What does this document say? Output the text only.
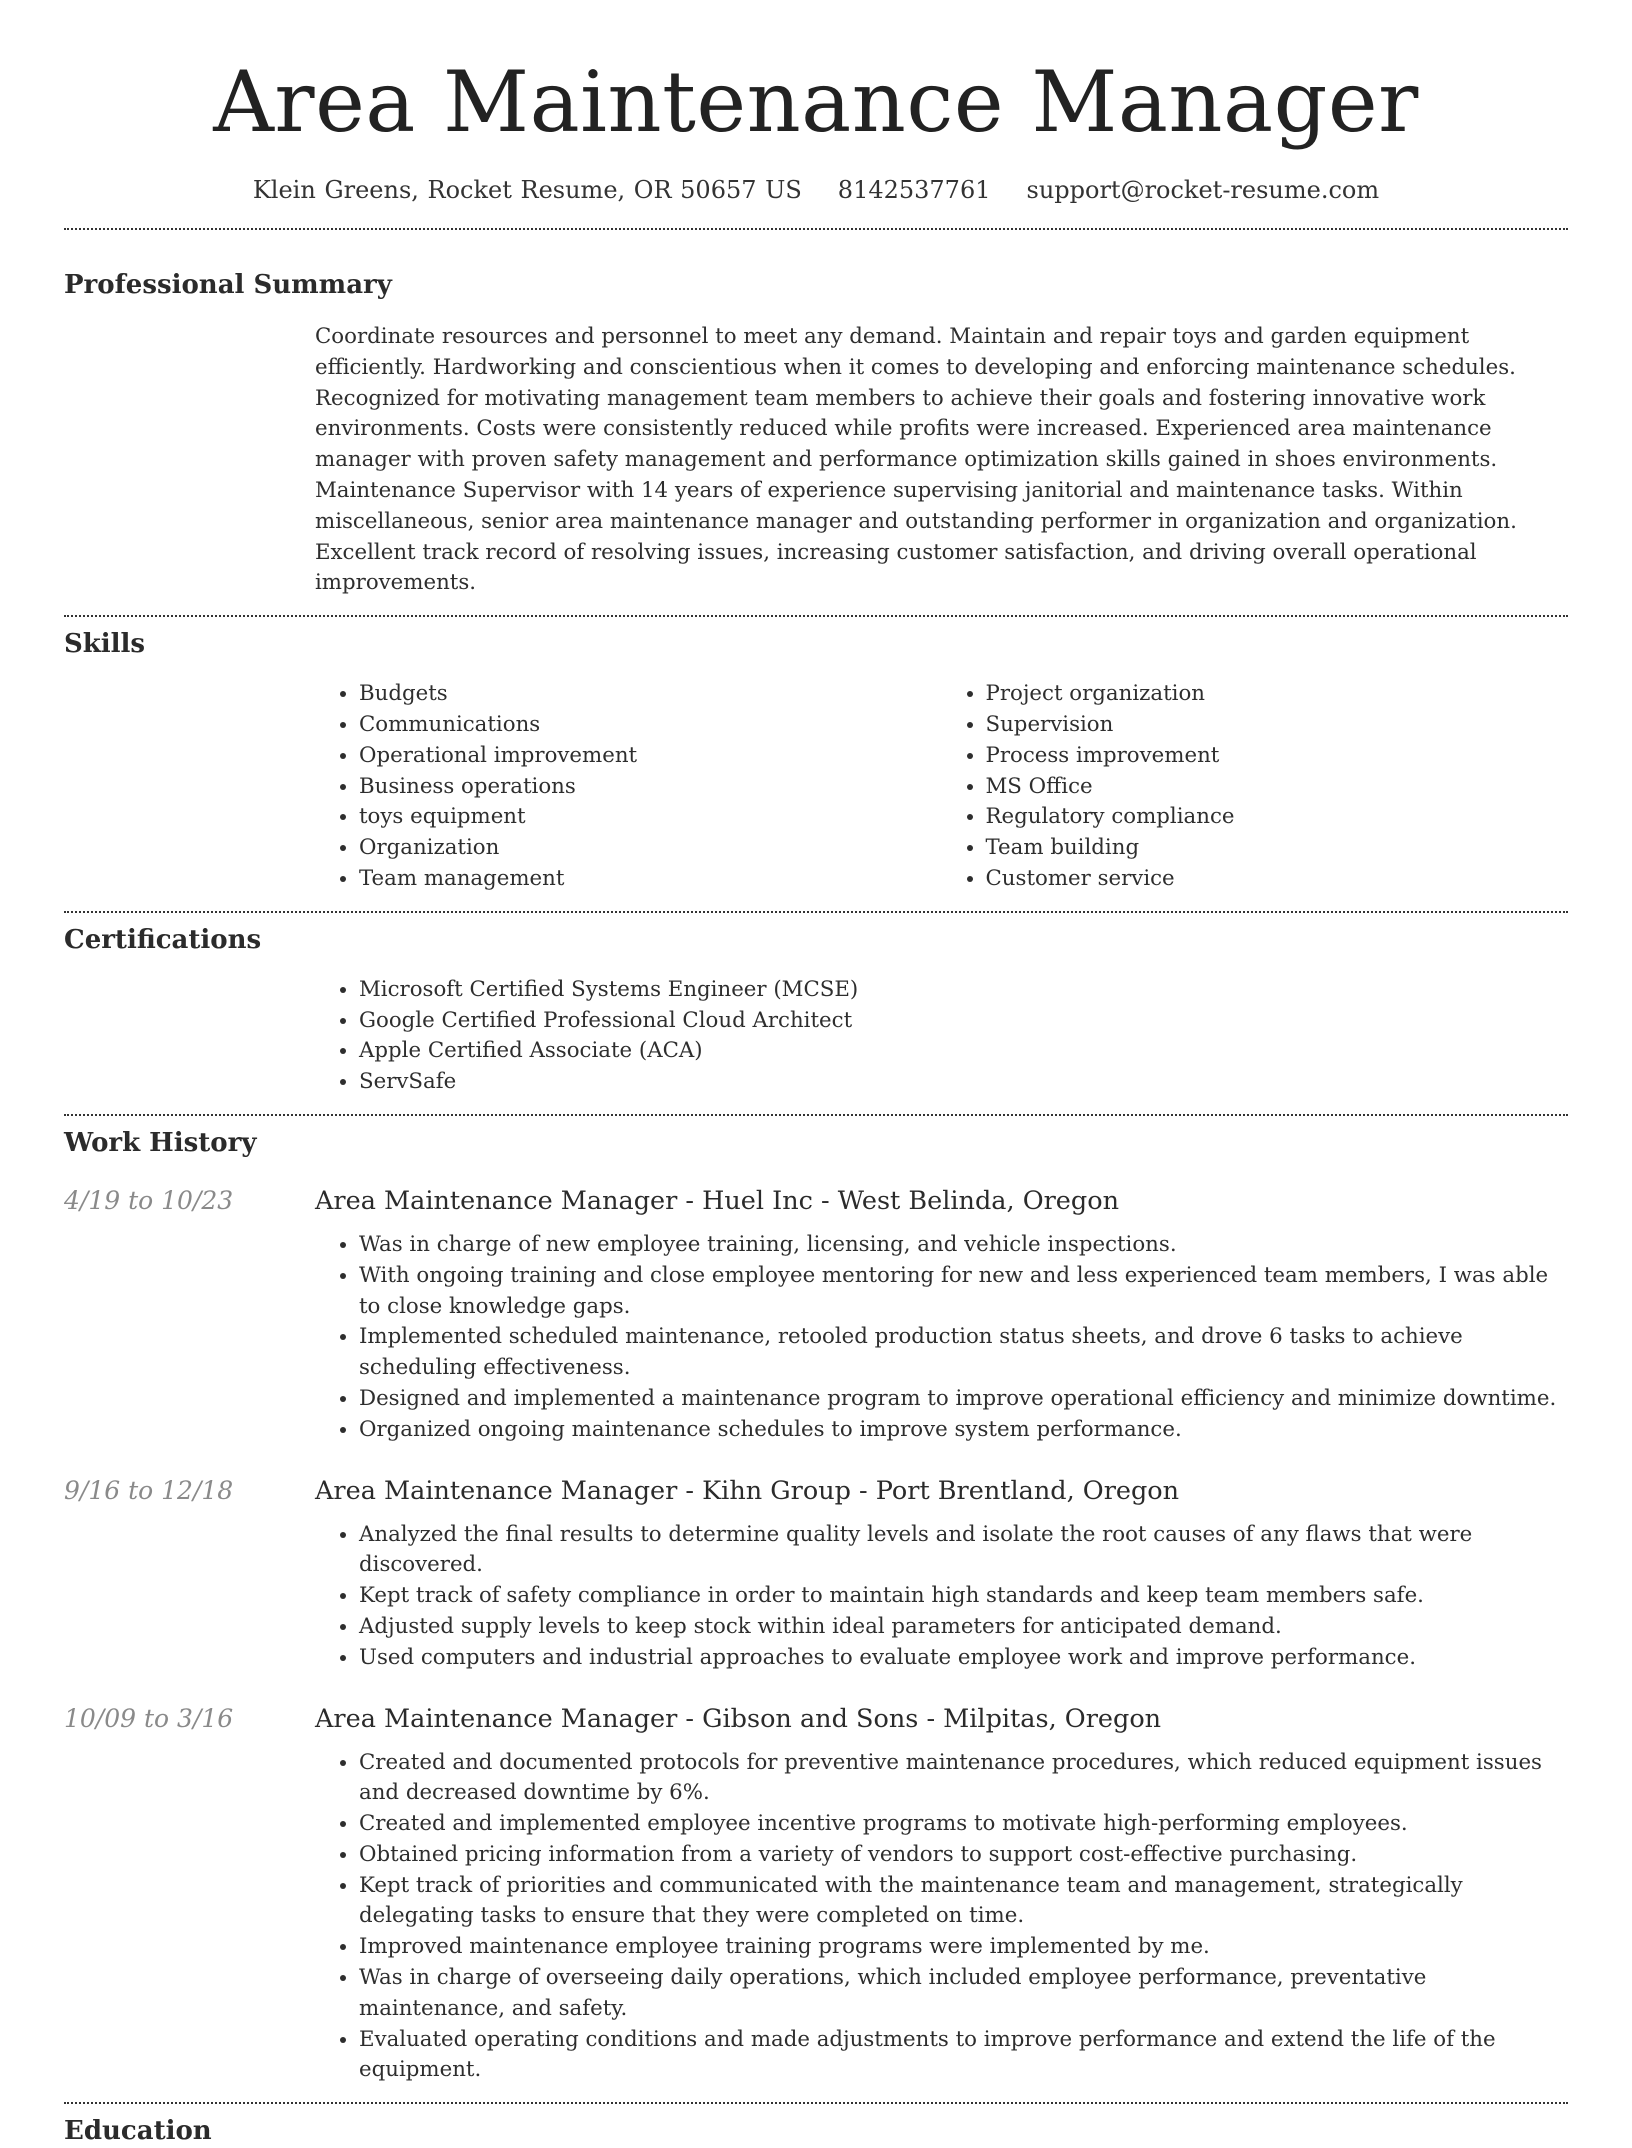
Area Maintenance Manager
Klein Greens, Rocket Resume, OR 50657 US 8142537761 support@rocket-resume.com
Professional Summary

Coordinate resources and personnel to meet any demand. Maintain and repair toys and garden equipment efficiently. Hardworking and conscientious when it comes to developing and enforcing maintenance schedules. Recognized for motivating management team members to achieve their goals and fostering innovative work environments. Costs were consistently reduced while profits were increased. Experienced area maintenance manager with proven safety management and performance optimization skills gained in shoes environments. Maintenance Supervisor with 14 years of experience supervising janitorial and maintenance tasks. Within miscellaneous, senior area maintenance manager and outstanding performer in organization and organization. Excellent track record of resolving issues, increasing customer satisfaction, and driving overall operational improvements.

Skills
• Budgets
• Communications
• Operational improvement
• Business operations
• toys equipment
• Organization
• Team management
• Project organization
• Supervision
• Process improvement
• MS Office
• Regulatory compliance
• Team building
• Customer service
Certifications
• Microsoft Certified Systems Engineer (MCSE)
• Google Certified Professional Cloud Architect
• Apple Certified Associate (ACA)
• ServSafe
Work History
4/19 to 10/23	Area Maintenance Manager - Huel Inc - West Belinda, Oregon
• Was in charge of new employee training, licensing, and vehicle inspections.
• With ongoing training and close employee mentoring for new and less experienced team members, I was able to close knowledge gaps.
• Implemented scheduled maintenance, retooled production status sheets, and drove 6 tasks to achieve scheduling effectiveness.
• Designed and implemented a maintenance program to improve operational efficiency and minimize downtime.
• Organized ongoing maintenance schedules to improve system performance.
9/16 to 12/18	Area Maintenance Manager - Kihn Group - Port Brentland, Oregon
• Analyzed the final results to determine quality levels and isolate the root causes of any flaws that were discovered.
• Kept track of safety compliance in order to maintain high standards and keep team members safe.
• Adjusted supply levels to keep stock within ideal parameters for anticipated demand.
• Used computers and industrial approaches to evaluate employee work and improve performance.
10/09 to 3/16	Area Maintenance Manager - Gibson and Sons - Milpitas, Oregon
• Created and documented protocols for preventive maintenance procedures, which reduced equipment issues and decreased downtime by 6%.
• Created and implemented employee incentive programs to motivate high-performing employees.
• Obtained pricing information from a variety of vendors to support cost-effective purchasing.
• Kept track of priorities and communicated with the maintenance team and management, strategically delegating tasks to ensure that they were completed on time.
• Improved maintenance employee training programs were implemented by me.
• Was in charge of overseeing daily operations, which included employee performance, preventative maintenance, and safety.
• Evaluated operating conditions and made adjustments to improve performance and extend the life of the equipment.
Education
